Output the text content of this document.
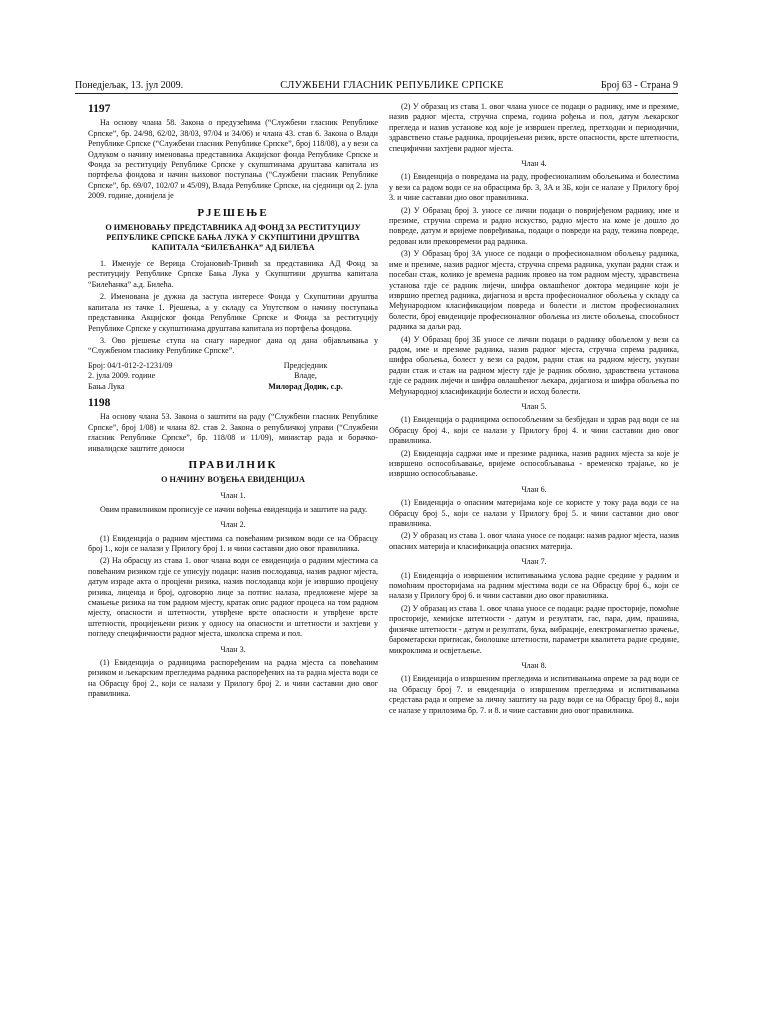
Понедјељак, 13. јул 2009.	СЛУЖБЕНИ ГЛАСНИК РЕПУБЛИКЕ СРПСКЕ	Број 63 - Страна 9
1197

На основу члана 58. Закона о предузећима (“Службени гласник Републике Српске”, бр. 24/98, 62/02, 38/03, 97/04 и 34/06) и члана 43. став 6. Закона о Влади Републике Српске (“Службени гласник Републике Српске”, број 118/08), а у вези са Одлуком о начину именовања представника Акцијског фонда Републике Српске и Фонда за реституцију Републике Српске у скупштинама друштава капитала из портфеља фондова и начин њиховог поступања (“Службени гласник Републике Српске”, бр. 69/07, 102/07 и 45/09), Влада Републике Српске, на сједници од 2. јула 2009. године, донијела је

РЈЕШЕЊЕ
О ИМЕНОВАЊУ ПРЕДСТАВНИКА АД ФОНД ЗА РЕСТИТУЦИЈУ РЕПУБЛИКЕ СРПСКЕ БАЊА ЛУКА У СКУПШТИНИ ДРУШТВА КАПИТАЛА “БИЛЕЋАНКА” АД БИЛЕЋА

1. Именује се Верица Стојановић-Тривић за представника АД Фонд за реституцију Републике Српске Бања Лука у Скупштини друштва капитала “Билећанка” а.д. Билећа.

2. Именована је дужна да заступа интересе Фонда у Скупштини друштва капитала из тачке 1. Рјешења, а у складу са Упутством о начину поступања представника Акцијског фонда Републике Српске и Фонда за реституцију Републике Српске у скупштинама друштава капитала из портфеља фондова.

3. Ово рјешење ступа на снагу наредног дана од дана објављивања у “Службеном гласнику Републике Српске”.

Број: 04/1-012-2-1231/09	Предсједник
2. јула 2009. године	Владе,
Бања Лука	Милорад Додик, с.р.
1198

На основу члана 53. Закона о заштити на раду (“Службени гласник Републике Српске”, број 1/08) и члана 82. став 2. Закона о републичкој управи (“Службени гласник Републике Српске”, бр. 118/08 и 11/09), министар рада и борачко-инвалидске заштите доноси

ПРАВИЛНИК
О НАЧИНУ ВОЂЕЊА ЕВИДЕНЦИЈА
Члан 1.

Овим правилником прописује се начин вођења евиденција и заштите на раду.

Члан 2.

(1) Евиденција о радним мјестима са повећаним ризиком води се на Обрасцу број 1., који се налази у Прилогу број 1. и чини саставни дио овог правилника.

(2) На обрасцу из става 1. овог члана води се евиденција о радним мјестима са повећаним ризиком гдје се уписују подаци: назив послодавца, назив радног мјеста, датум израде акта о процјени ризика, назив послодавца који је извршио процјену ризика, лиценца и број, одговорно лице за потпис налаза, предложене мјере за смањење ризика на том радном мјесту, кратак опис радног процеса на том радном мјесту, опасности и штетности, утврђене врсте опасности и утврђене врсте штетности, процијењени ризик у односу на опасности и штетности и захтјеви у погледу специфичности радног мјеста, школска спрема и пол.

Члан 3.

(1) Евиденција о радницима распоређеним на радна мјеста са повећаним ризиком и љекарским прегледима радника распоређених на та радна мјеста води се на Обрасцу број 2., који се налази у Прилогу број 2. и чини саставни дио овог правилника.

(2) У образац из става 1. овог члана уносе се подаци о раднику, име и презиме, назив радног мјеста, стручна спрема, година рођења и пол, датум љекарског прегледа и назив установе код које је извршен преглед, претходни и периодични, здравствено стање радника, процијењени ризик, врсте опасности, врсте штетности, специфични захтјеви радног мјеста.

Члан 4.

(1) Евиденција о повредама на раду, професионалним обољењима и болестима у вези са радом води се на обрасцима бр. 3, 3А и 3Б, који се налазе у Прилогу број 3. и чине саставни дио овог правилника.

(2) У Образац број 3. уносе се лични подаци о повријеђеном раднику, име и презиме, стручна спрема и радно искуство, радно мјесто на коме је дошло до повреде, датум и вријеме повређивања, подаци о повреди на раду, тежина повреде, редован или прековремени рад радника.

(3) У Образац број 3А уносе се подаци о професионалном обољењу радника, име и презиме, назив радног мјеста, стручна спрема радника, укупан радни стаж и посебан стаж, колико је времена радник провео на том радном мјесту, здравствена установа гдје се радник лијечи, шифра овлашћеног доктора медицине који је извршио преглед радника, дијагноза и врста професионалног обољења у складу са Међународном класификацијом повреда и болести и листом професионалних болести, број евиденције професионалног обољења из листе обољења, способност радника за даљи рад.

(4) У Образац број 3Б уносе се лични подаци о раднику обољелом у вези са радом, име и презиме радника, назив радног мјеста, стручна спрема радника, шифра обољења, болест у вези са радом, радни стаж на радном мјесту, укупан радни стаж и стаж на радном мјесту гдје је радник оболио, здравствена установа гдје се радник лијечи и шифра овлашћеног љекара, дијагноза и шифра обољења по Међународној класификацији болести и исход болести.

Члан 5.

(1) Евиденција о радницима оспособљеним за безбједан и здрав рад води се на Обрасцу број 4., који се налази у Прилогу број 4. и чини саставни дио овог правилника.

(2) Евиденција садржи име и презиме радника, назив радних мјеста за које је извршено оспособљавање, вријеме оспособљавања - временско трајање, ко је извршио оспособљавање.

Члан 6.

(1) Евиденција о опасним материјама које се користе у току рада води се на Обрасцу број 5., који се налази у Прилогу број 5. и чини саставни дио овог правилника.

(2) У образац из става 1. овог члана уносе се подаци: назив радног мјеста, назив опасних материја и класификација опасних материја.

Члан 7.

(1) Евиденција о извршеним испитивањима услова радне средине у радним и помоћним просторијама на радним мјестима води се на Обрасцу број 6., који се налази у Прилогу број 6. и чини саставни дио овог правилника.

(2) У образац из става 1. овог члана уносе се подаци: радне просторије, помоћне просторије, хемијске штетности - датум и резултати, гас, пара, дим, прашина, физичке штетности - датум и резултати, бука, вибрације, електромагнетно зрачење, барометарски притисак, биолошке штетности, параметри квалитета радне средине, микроклима и освјетљење.

Члан 8.

(1) Евиденција о извршеним прегледима и испитивањима опреме за рад води се на Обрасцу број 7. и евиденција о извршеним прегледима и испитивањима средстава рада и опреме за личну заштиту на раду води се на Обрасцу број 8., који се налазе у прилозима бр. 7. и 8. и чине саставни дио овог правилника.
